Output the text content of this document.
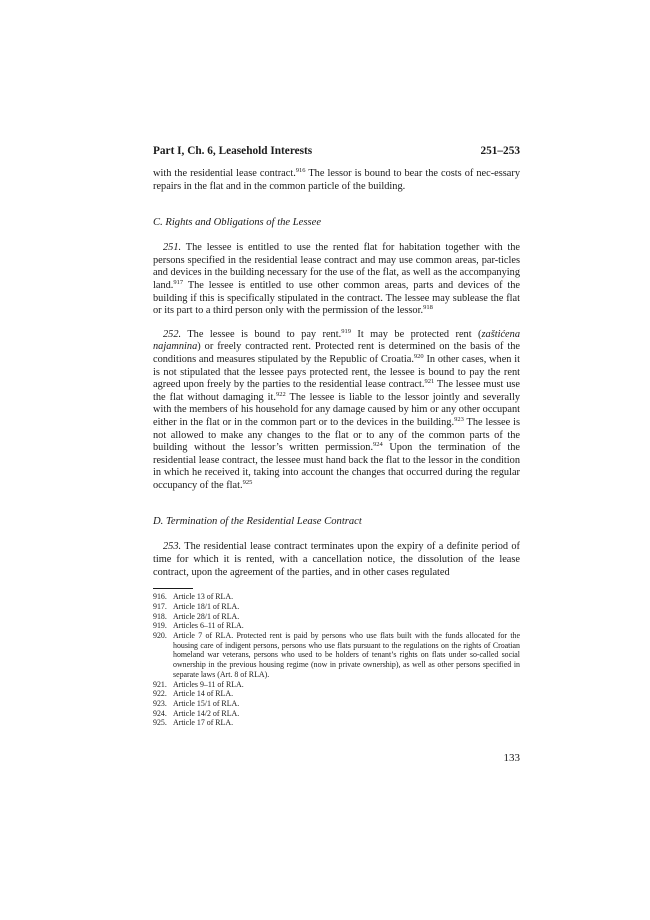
Part I, Ch. 6, Leasehold Interests	251–253

with the residential lease contract.$^{916}$ The lessor is bound to bear the costs of nec-essary repairs in the flat and in the common particle of the building.

C. Rights and Obligations of the Lessee

251. The lessee is entitled to use the rented flat for habitation together with the persons specified in the residential lease contract and may use common areas, par-ticles and devices in the building necessary for the use of the flat, as well as the accompanying land.$^{917}$ The lessee is entitled to use other common areas, parts and devices of the building if this is specifically stipulated in the contract. The lessee may sublease the flat or its part to a third person only with the permission of the lessor.$^{918}$

252. The lessee is bound to pay rent.$^{919}$ It may be protected rent (zaštićena najamnina) or freely contracted rent. Protected rent is determined on the basis of the conditions and measures stipulated by the Republic of Croatia.$^{920}$ In other cases, when it is not stipulated that the lessee pays protected rent, the lessee is bound to pay the rent agreed upon freely by the parties to the residential lease contract.$^{921}$ The lessee must use the flat without damaging it.$^{922}$ The lessee is liable to the lessor jointly and severally with the members of his household for any damage caused by him or any other occupant either in the flat or in the common part or to the devices in the building.$^{923}$ The lessee is not allowed to make any changes to the flat or to any of the common parts of the building without the lessor’s written permission.$^{924}$ Upon the termination of the residential lease contract, the lessee must hand back the flat to the lessor in the condition in which he received it, taking into account the changes that occurred during the regular occupancy of the flat.$^{925}$

D. Termination of the Residential Lease Contract

253. The residential lease contract terminates upon the expiry of a definite period of time for which it is rented, with a cancellation notice, the dissolution of the lease contract, upon the agreement of the parties, and in other cases regulated

916. Article 13 of RLA.
917. Article 18/1 of RLA.
918. Article 28/1 of RLA.
919. Articles 6–11 of RLA.
920. Article 7 of RLA. Protected rent is paid by persons who use flats built with the funds allocated for the housing care of indigent persons, persons who use flats pursuant to the regulations on the rights of Croatian homeland war veterans, persons who used to be holders of tenant’s rights on flats under so-called social ownership in the previous housing regime (now in private ownership), as well as other persons specified in separate laws (Art. 8 of RLA).
921. Articles 9–11 of RLA.
922. Article 14 of RLA.
923. Article 15/1 of RLA.
924. Article 14/2 of RLA.
925. Article 17 of RLA.
133
